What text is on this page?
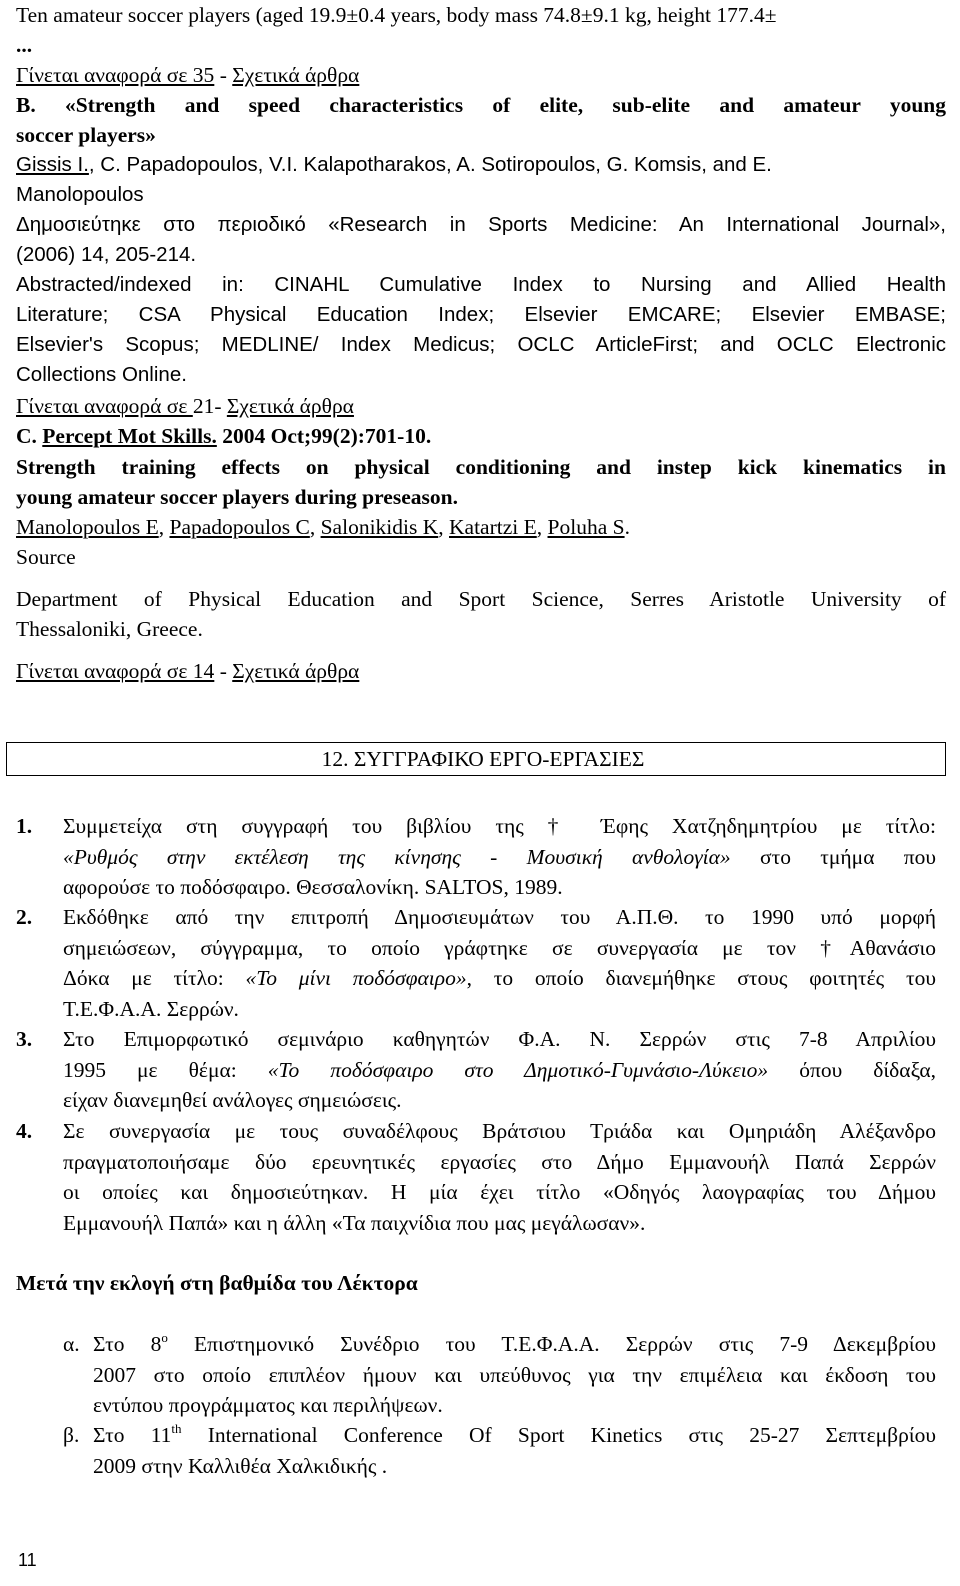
Ten amateur soccer players (aged 19.9±0.4 years, body mass 74.8±9.1 kg, height 177.4±

...

Γίνεται αναφορά σε 35 - Σχετικά άρθρα

B. «Strength and speed characteristics of elite, sub-elite and amateur young

soccer players»

Gissis I., C. Papadopoulos, V.I. Kalapotharakos, A. Sotiropoulos, G. Komsis, and E.

Manolopoulos

Δημοσιεύτηκε στο περιοδικό «Research in Sports Medicine: An International Journal»,

(2006) 14, 205-214.

Abstracted/indexed in: CINAHL Cumulative Index to Nursing and Allied Health

Literature; CSA Physical Education Index; Elsevier EMCARE; Elsevier EMBASE;

Elsevier's Scopus; MEDLINE/ Index Medicus; OCLC ArticleFirst; and OCLC Electronic

Collections Online.

Γίνεται αναφορά σε 21- Σχετικά άρθρα

C. Percept Mot Skills. 2004 Oct;99(2):701-10.

Strength training effects on physical conditioning and instep kick kinematics in

young amateur soccer players during preseason.

Manolopoulos E, Papadopoulos C, Salonikidis K, Katartzi E, Poluha S.

Source

Department of Physical Education and Sport Science, Serres Aristotle University of

Thessaloniki, Greece.

Γίνεται αναφορά σε 14 - Σχετικά άρθρα

12. ΣΥΓΓΡΑΦΙΚΟ ΕΡΓΟ-ΕΡΓΑΣΙΕΣ
1. Συμμετείχα στη συγγραφή του βιβλίου της † Έφης Χατζηδημητρίου με τίτλο:
«Ρυθμός στην εκτέλεση της κίνησης - Μουσική ανθολογία» στο τμήμα που
αφορούσε το ποδόσφαιρο. Θεσσαλονίκη. SALTOS, 1989.
2. Εκδόθηκε από την επιτροπή Δημοσιευμάτων του Α.Π.Θ. το 1990 υπό μορφή
σημειώσεων, σύγγραμμα, το οποίο γράφτηκε σε συνεργασία με τον †Αθανάσιο
Δόκα με τίτλο: «Το μίνι ποδόσφαιρο», το οποίο διανεμήθηκε στους φοιτητές του
Τ.Ε.Φ.Α.Α. Σερρών.
3. Στο Επιμορφωτικό σεμινάριο καθηγητών Φ.Α. Ν. Σερρών στις 7-8 Απριλίου
1995 με θέμα: «Το ποδόσφαιρο στο Δημοτικό-Γυμνάσιο-Λύκειο» όπου δίδαξα,
είχαν διανεμηθεί ανάλογες σημειώσεις.
4. Σε συνεργασία με τους συναδέλφους Βράτσιου Τριάδα και Ομηριάδη Αλέξανδρο
πραγματοποιήσαμε δύο ερευνητικές εργασίες στο Δήμο Εμμανουήλ Παπά Σερρών
οι οποίες και δημοσιεύτηκαν. Η μία έχει τίτλο «Οδηγός λαογραφίας του Δήμου
Εμμανουήλ Παπά» και η άλλη «Τα παιχνίδια που μας μεγάλωσαν».

Μετά την εκλογή στη βαθμίδα του Λέκτορα

α. Στο $8^o$ Επιστημονικό Συνέδριο του Τ.Ε.Φ.Α.Α. Σερρών στις 7-9 Δεκεμβρίου
2007 στο οποίο επιπλέον ήμουν και υπεύθυνος για την επιμέλεια και έκδοση του
εντύπου προγράμματος και περιλήψεων.
β. Στο 11th International Conference Of Sport Kinetics στις 25-27 Σεπτεμβρίου
2009 στην Καλλιθέα Χαλκιδικής .
11
